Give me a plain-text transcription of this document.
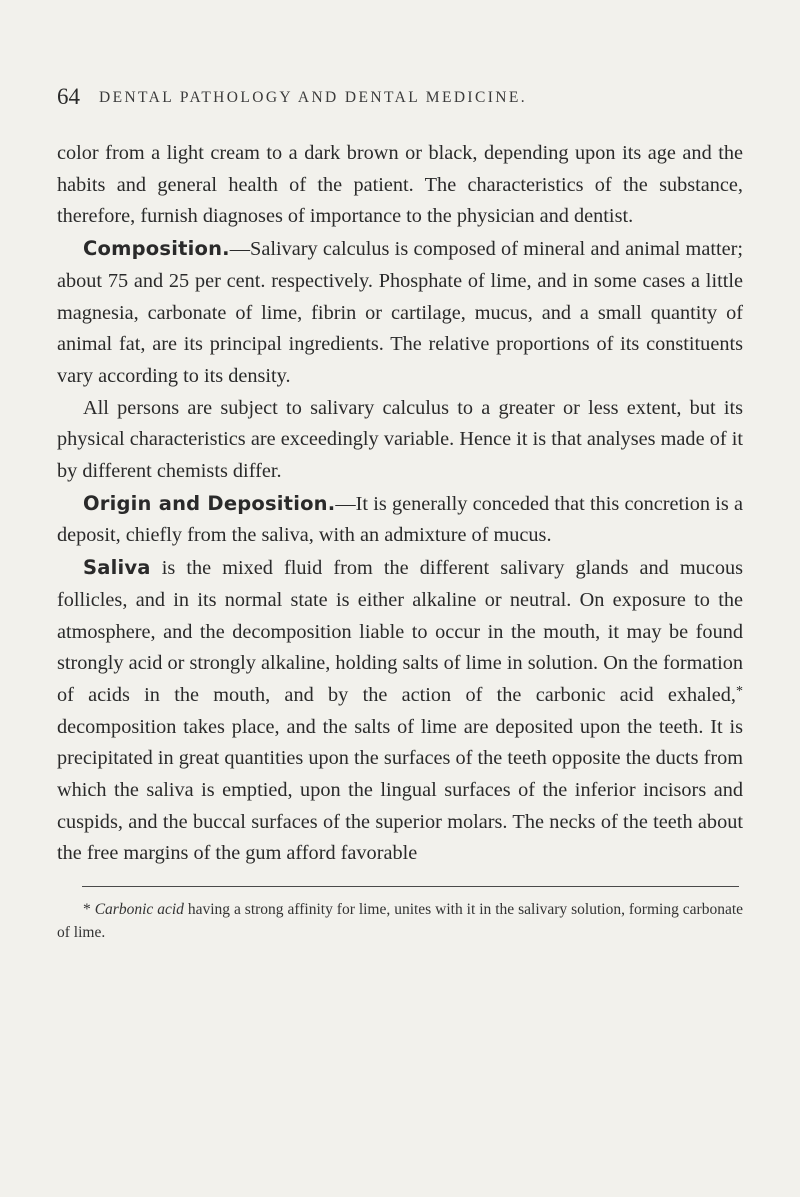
64 DENTAL PATHOLOGY AND DENTAL MEDICINE.

color from a light cream to a dark brown or black, depending upon its age and the habits and general health of the patient. The characteristics of the substance, therefore, furnish diagnoses of importance to the physician and dentist.

Composition.—Salivary calculus is composed of mineral and animal matter; about 75 and 25 per cent. respectively. Phosphate of lime, and in some cases a little magnesia, carbonate of lime, fibrin or cartilage, mucus, and a small quantity of animal fat, are its principal ingredients. The relative proportions of its constituents vary according to its density.

All persons are subject to salivary calculus to a greater or less extent, but its physical characteristics are exceedingly variable. Hence it is that analyses made of it by different chemists differ.

Origin and Deposition.—It is generally conceded that this concretion is a deposit, chiefly from the saliva, with an admixture of mucus.

Saliva is the mixed fluid from the different salivary glands and mucous follicles, and in its normal state is either alkaline or neutral. On exposure to the atmosphere, and the decomposition liable to occur in the mouth, it may be found strongly acid or strongly alkaline, holding salts of lime in solution. On the formation of acids in the mouth, and by the action of the carbonic acid exhaled,* decomposition takes place, and the salts of lime are deposited upon the teeth. It is precipitated in great quantities upon the surfaces of the teeth opposite the ducts from which the saliva is emptied, upon the lingual surfaces of the inferior incisors and cuspids, and the buccal surfaces of the superior molars. The necks of the teeth about the free margins of the gum afford favorable

* Carbonic acid having a strong affinity for lime, unites with it in the salivary solution, forming carbonate of lime.
